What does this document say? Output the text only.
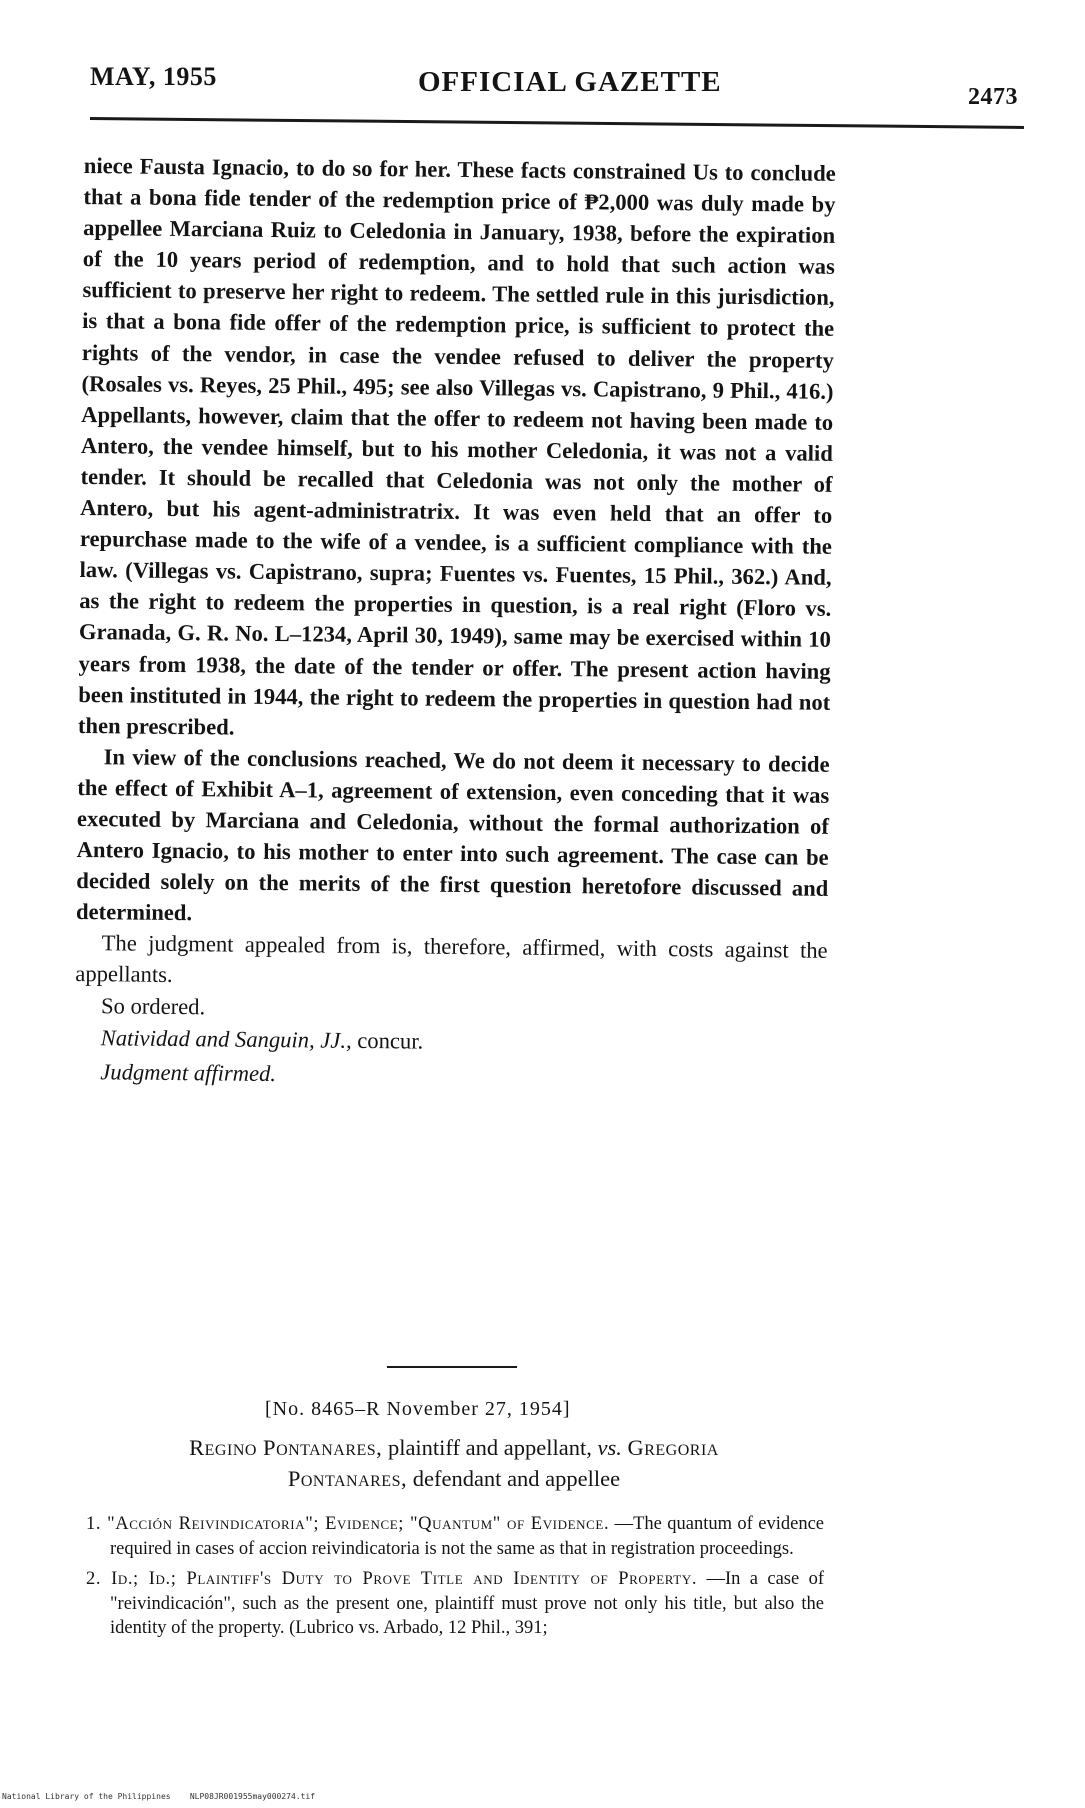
MAY, 1955	OFFICIAL GAZETTE	2473

niece Fausta Ignacio, to do so for her. These facts constrained Us to conclude that a bona fide tender of the redemption price of ₱2,000 was duly made by appellee Marciana Ruiz to Celedonia in January, 1938, before the expiration of the 10 years period of redemption, and to hold that such action was sufficient to preserve her right to redeem. The settled rule in this jurisdiction, is that a bona fide offer of the redemption price, is sufficient to protect the rights of the vendor, in case the vendee refused to deliver the property (Rosales vs. Reyes, 25 Phil., 495; see also Villegas vs. Capistrano, 9 Phil., 416.) Appellants, however, claim that the offer to redeem not having been made to Antero, the vendee himself, but to his mother Celedonia, it was not a valid tender. It should be recalled that Celedonia was not only the mother of Antero, but his agent-administratrix. It was even held that an offer to repurchase made to the wife of a vendee, is a sufficient compliance with the law. (Villegas vs. Capistrano, supra; Fuentes vs. Fuentes, 15 Phil., 362.) And, as the right to redeem the properties in question, is a real right (Floro vs. Granada, G. R. No. L–1234, April 30, 1949), same may be exercised within 10 years from 1938, the date of the tender or offer. The present action having been instituted in 1944, the right to redeem the properties in question had not then prescribed.

In view of the conclusions reached, We do not deem it necessary to decide the effect of Exhibit A–1, agreement of extension, even conceding that it was executed by Marciana and Celedonia, without the formal authorization of Antero Ignacio, to his mother to enter into such agreement. The case can be decided solely on the merits of the first question heretofore discussed and determined.

The judgment appealed from is, therefore, affirmed, with costs against the appellants.

So ordered.

Natividad and Sanguin, JJ., concur.

Judgment affirmed.

[No. 8465–R November 27, 1954]
Regino Pontanares, plaintiff and appellant, vs. Gregoria
Pontanares, defendant and appellee

1. "Acción Reivindicatoria"; Evidence; "Quantum" of Evidence. —The quantum of evidence required in cases of accion reivindicatoria is not the same as that in registration proceedings.

2. Id.; Id.; Plaintiff's Duty to Prove Title and Identity of Property. —In a case of "reivindicación", such as the present one, plaintiff must prove not only his title, but also the identity of the property. (Lubrico vs. Arbado, 12 Phil., 391;

National Library of the Philippines    NLP08JR001955may000274.tif
